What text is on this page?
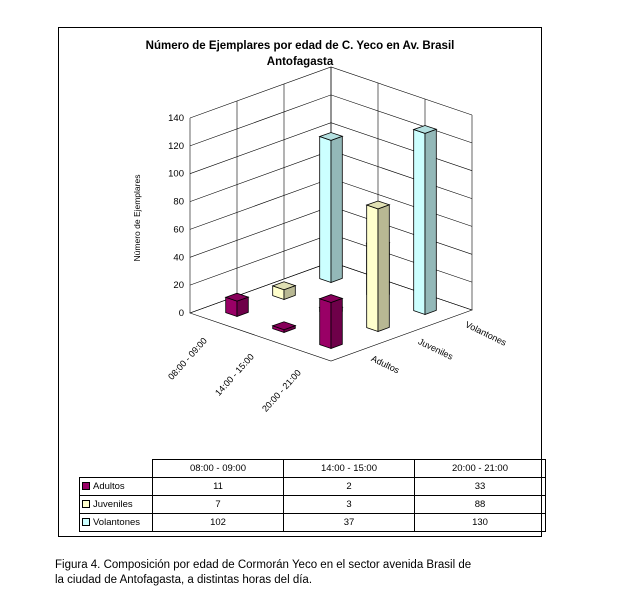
Número de Ejemplares por edad de C. Yeco en Av. Brasil
Antofagasta
0
20
40
60
80
100
120
140
Número de Ejemplares
08:00 - 09:00 14:00 - 15:00 20:00 - 21:00
Adultos
Juveniles
Volantones
	08:00 - 09:00	14:00 - 15:00	20:00 - 21:00
Adultos	11	2	33
Juveniles	7	3	88
Volantones	102	37	130
Figura 4. Composición por edad de Cormorán Yeco en el sector avenida Brasil de
la ciudad de Antofagasta, a distintas horas del día.
